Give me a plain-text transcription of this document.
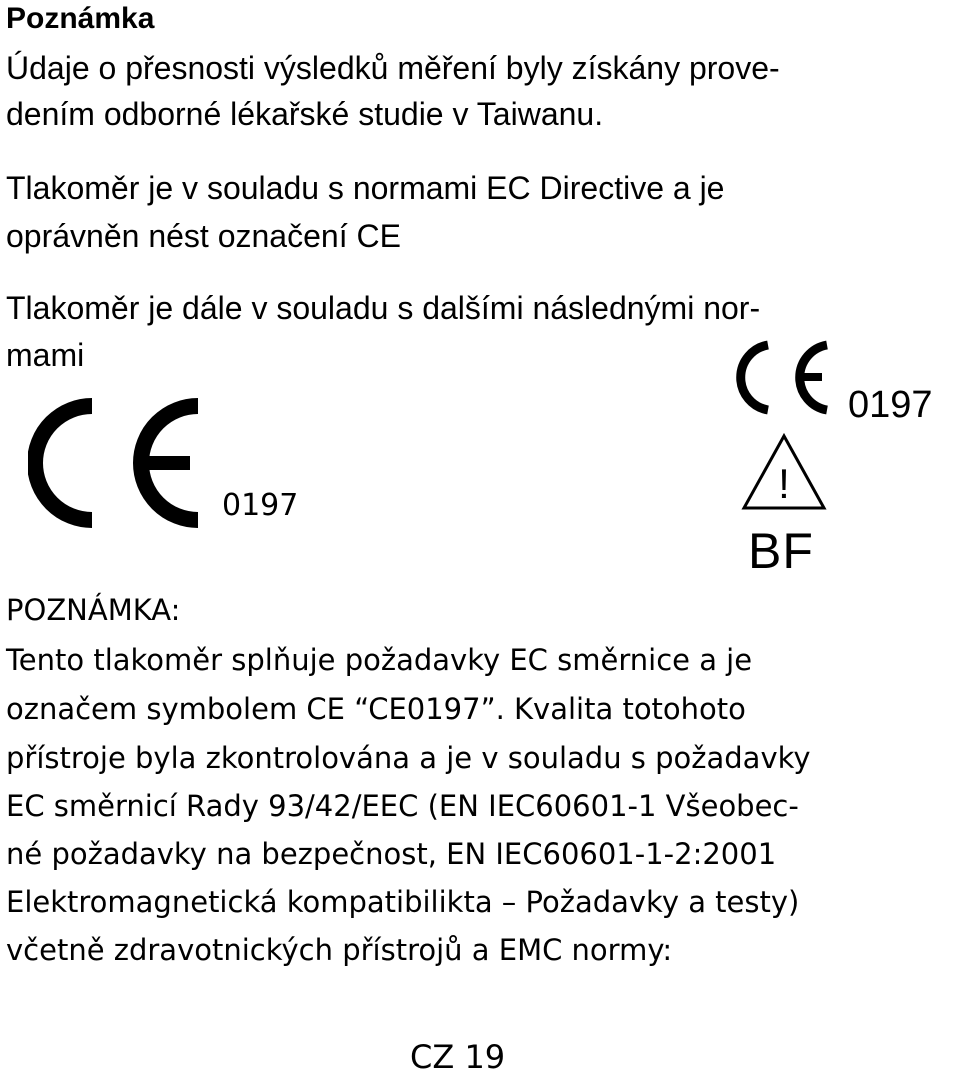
Poznámka
Údaje o přesnosti výsledků měření byly získány prove-
dením odborné lékařské studie v Taiwanu.
Tlakoměr je v souladu s normami EC Directive a je
oprávněn nést označení CE
Tlakoměr je dále v souladu s dalšími následnými nor-
mami
0197
0197
!
BF
POZNÁMKA:
Tento tlakoměr splňuje požadavky EC směrnice a je
označem symbolem CE “CE0197”. Kvalita totohoto
přístroje byla zkontrolována a je v souladu s požadavky
EC směrnicí Rady 93/42/EEC (EN IEC60601-1 Všeobec-
né požadavky na bezpečnost, EN IEC60601-1-2:2001
Elektromagnetická kompatibilikta – Požadavky a testy)
včetně zdravotnických přístrojů a EMC normy:
CZ 19
